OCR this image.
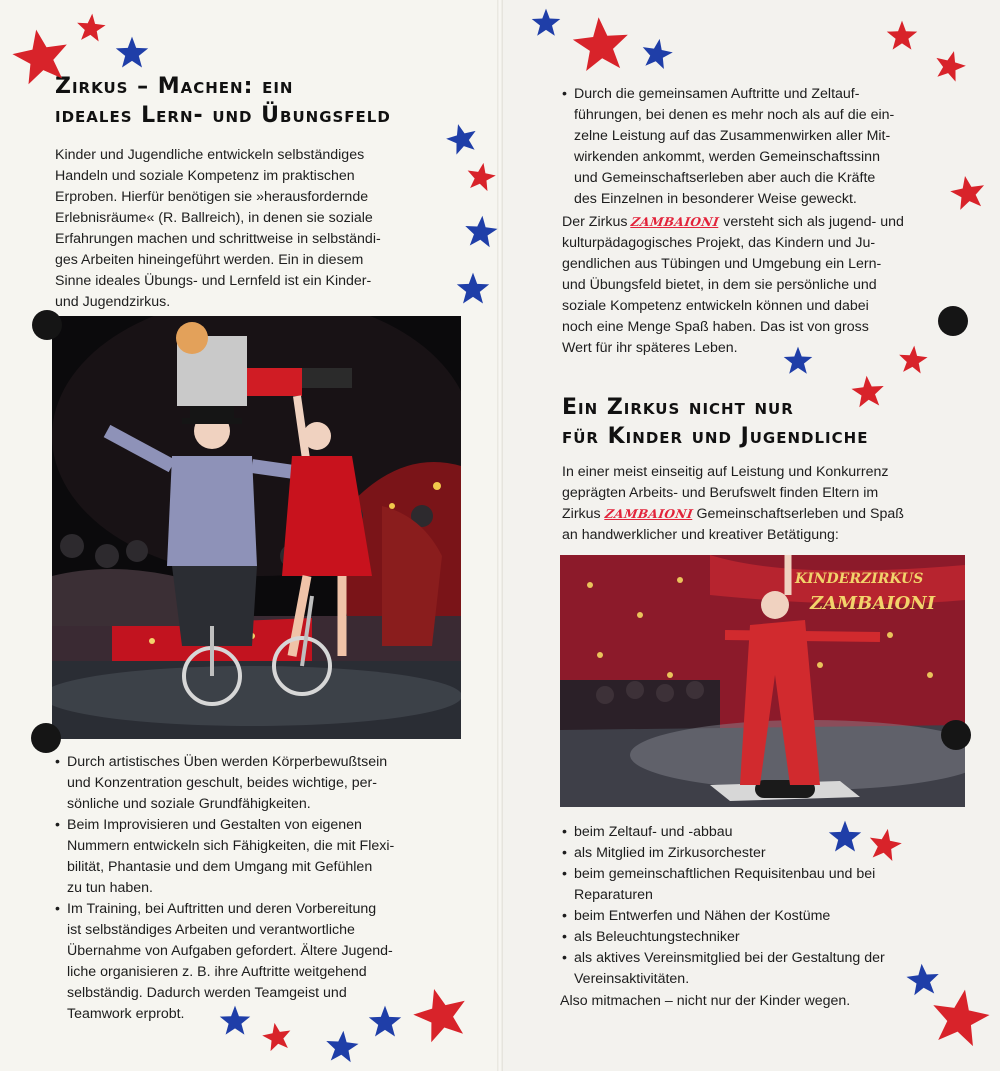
Zirkus – Machen: ein
ideales Lern- und Übungsfeld

Kinder und Jugendliche entwickeln selbständiges
Handeln und soziale Kompetenz im praktischen
Erproben. Hierfür benötigen sie »herausfordernde
Erlebnisräume« (R. Ballreich), in denen sie soziale
Erfahrungen machen und schrittweise in selbständi-
ges Arbeiten hineingeführt werden. Ein in diesem
Sinne ideales Übungs- und Lernfeld ist ein Kinder-
und Jugendzirkus.

• Durch artistisches Üben werden Körperbewußtsein
und Konzentration geschult, beides wichtige, per-
sönliche und soziale Grundfähigkeiten.
• Beim Improvisieren und Gestalten von eigenen
Nummern entwickeln sich Fähigkeiten, die mit Flexi-
bilität, Phantasie und dem Umgang mit Gefühlen
zu tun haben.
• Im Training, bei Auftritten und deren Vorbereitung
ist selbständiges Arbeiten und verantwortliche
Übernahme von Aufgaben gefordert. Ältere Jugend-
liche organisieren z. B. ihre Auftritte weitgehend
selbständig. Dadurch werden Teamgeist und
Teamwork erprobt.
• Durch die gemeinsamen Auftritte und Zeltauf-
führungen, bei denen es mehr noch als auf die ein-
zelne Leistung auf das Zusammenwirken aller Mit-
wirkenden ankommt, werden Gemeinschaftssinn
und Gemeinschaftserleben aber auch die Kräfte
des Einzelnen in besonderer Weise geweckt.

Der Zirkus ZAMBAIONI versteht sich als jugend- und
kulturpädagogisches Projekt, das Kindern und Ju-
gendlichen aus Tübingen und Umgebung ein Lern-
und Übungsfeld bietet, in dem sie persönliche und
soziale Kompetenz entwickeln können und dabei
noch eine Menge Spaß haben. Das ist von gross
Wert für ihr späteres Leben.

Ein Zirkus nicht nur
für Kinder und Jugendliche

In einer meist einseitig auf Leistung und Konkurrenz
geprägten Arbeits- und Berufswelt finden Eltern im
Zirkus ZAMBAIONI Gemeinschaftserleben und Spaß
an handwerklicher und kreativer Betätigung:

KINDERZIRKUS
ZAMBAIONI
• beim Zeltauf- und -abbau
• als Mitglied im Zirkusorchester
• beim gemeinschaftlichen Requisitenbau und bei
Reparaturen
• beim Entwerfen und Nähen der Kostüme
• als Beleuchtungstechniker
• als aktives Vereinsmitglied bei der Gestaltung der
Vereinsaktivitäten.

Also mitmachen – nicht nur der Kinder wegen.
